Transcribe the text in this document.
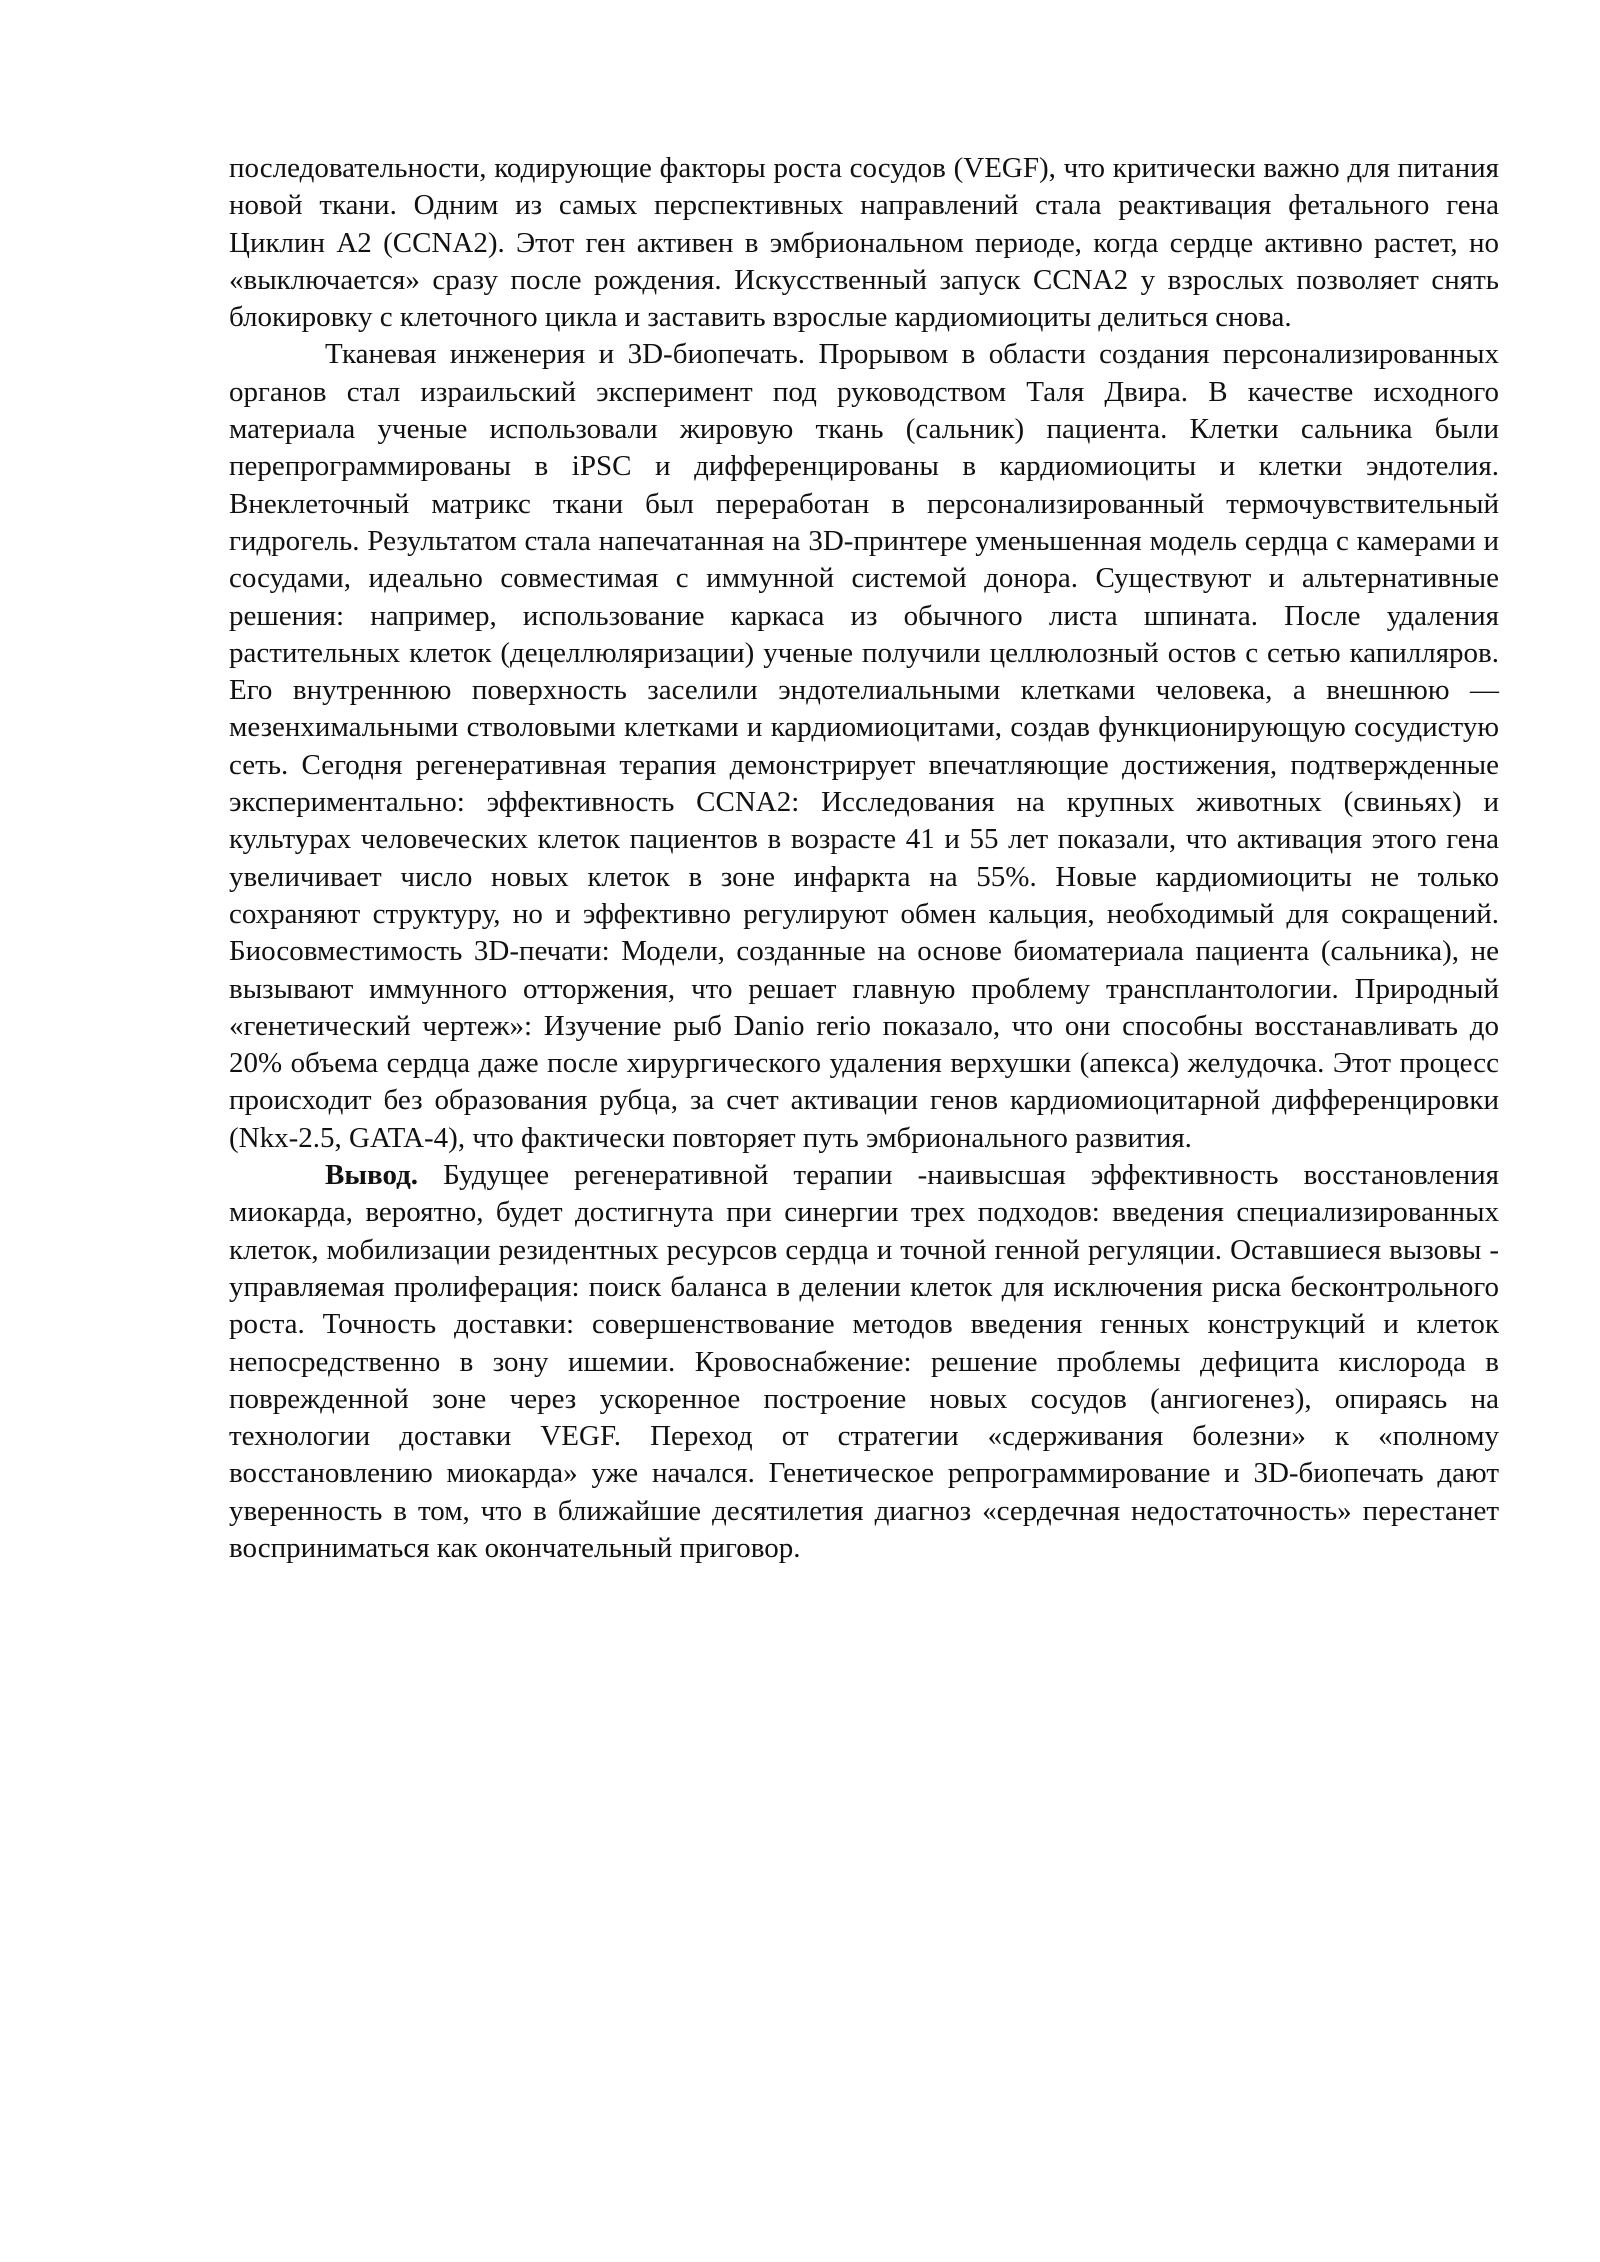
последовательности, кодирующие факторы роста сосудов (VEGF), что критически важно для питания новой ткани. Одним из самых перспективных направлений стала реактивация фетального гена Циклин А2 (CCNA2). Этот ген активен в эмбриональном периоде, когда сердце активно растет, но «выключается» сразу после рождения. Искусственный запуск CCNA2 у взрослых позволяет снять блокировку с клеточного цикла и заставить взрослые кардиомиоциты делиться снова.

Тканевая инженерия и 3D-биопечать. Прорывом в области создания персонализированных органов стал израильский эксперимент под руководством Таля Двира. В качестве исходного материала ученые использовали жировую ткань (сальник) пациента. Клетки сальника были перепрограммированы в iPSC и дифференцированы в кардиомиоциты и клетки эндотелия. Внеклеточный матрикс ткани был переработан в персонализированный термочувствительный гидрогель. Результатом стала напечатанная на 3D-принтере уменьшенная модель сердца с камерами и сосудами, идеально совместимая с иммунной системой донора. Существуют и альтернативные решения: например, использование каркаса из обычного листа шпината. После удаления растительных клеток (децеллюляризации) ученые получили целлюлозный остов с сетью капилляров. Его внутреннюю поверхность заселили эндотелиальными клетками человека, а внешнюю — мезенхимальными стволовыми клетками и кардиомиоцитами, создав функционирующую сосудистую сеть. Сегодня регенеративная терапия демонстрирует впечатляющие достижения, подтвержденные экспериментально: эффективность CCNA2: Исследования на крупных животных (свиньях) и культурах человеческих клеток пациентов в возрасте 41 и 55 лет показали, что активация этого гена увеличивает число новых клеток в зоне инфаркта на 55%. Новые кардиомиоциты не только сохраняют структуру, но и эффективно регулируют обмен кальция, необходимый для сокращений. Биосовместимость 3D-печати: Модели, созданные на основе биоматериала пациента (сальника), не вызывают иммунного отторжения, что решает главную проблему трансплантологии. Природный «генетический чертеж»: Изучение рыб Danio rerio показало, что они способны восстанавливать до 20% объема сердца даже после хирургического удаления верхушки (апекса) желудочка. Этот процесс происходит без образования рубца, за счет активации генов кардиомиоцитарной дифференцировки (Nkx-2.5, GATA-4), что фактически повторяет путь эмбрионального развития.

Вывод. Будущее регенеративной терапии -наивысшая эффективность восстановления миокарда, вероятно, будет достигнута при синергии трех подходов: введения специализированных клеток, мобилизации резидентных ресурсов сердца и точной генной регуляции. Оставшиеся вызовы - управляемая пролиферация: поиск баланса в делении клеток для исключения риска бесконтрольного роста. Точность доставки: совершенствование методов введения генных конструкций и клеток непосредственно в зону ишемии. Кровоснабжение: решение проблемы дефицита кислорода в поврежденной зоне через ускоренное построение новых сосудов (ангиогенез), опираясь на технологии доставки VEGF. Переход от стратегии «сдерживания болезни» к «полному восстановлению миокарда» уже начался. Генетическое репрограммирование и 3D-биопечать дают уверенность в том, что в ближайшие десятилетия диагноз «сердечная недостаточность» перестанет восприниматься как окончательный приговор.
